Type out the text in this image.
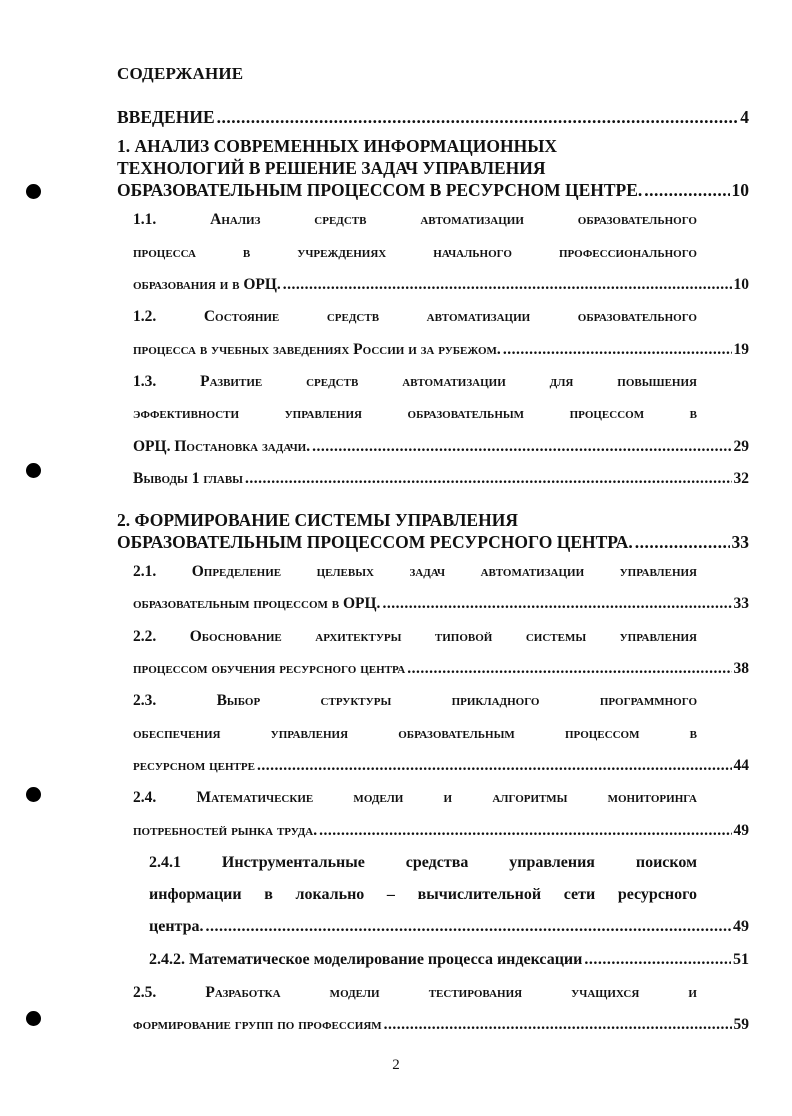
СОДЕРЖАНИЕ
ВВЕДЕНИЕ .....	4
1. АНАЛИЗ СОВРЕМЕННЫХ ИНФОРМАЦИОННЫХ
ТЕХНОЛОГИЙ В РЕШЕНИЕ ЗАДАЧ УПРАВЛЕНИЯ
ОБРАЗОВАТЕЛЬНЫМ ПРОЦЕССОМ В РЕСУРСНОМ ЦЕНТРЕ. .....	10
1.1. Анализ средств автоматизации образовательного
процесса в учреждениях начального профессионального
образования и в ОРЦ. .....	10
1.2. Состояние средств автоматизации образовательного
процесса в учебных заведениях России и за рубежом. .....	19
1.3. Развитие средств автоматизации для повышения
эффективности управления образовательным процессом в
ОРЦ. Постановка задачи. .....	29
Выводы 1 главы .....	32
2. ФОРМИРОВАНИЕ СИСТЕМЫ УПРАВЛЕНИЯ
ОБРАЗОВАТЕЛЬНЫМ ПРОЦЕССОМ РЕСУРСНОГО ЦЕНТРА. .....	33
2.1. Определение целевых задач автоматизации управления
образовательным процессом в ОРЦ. .....	33
2.2. Обоснование архитектуры типовой системы управления
процессом обучения ресурсного центра .....	38
2.3. Выбор структуры прикладного программного
обеспечения управления образовательным процессом в
ресурсном центре .....	44
2.4. Математические модели и алгоритмы мониторинга
потребностей рынка труда. .....	49
2.4.1 Инструментальные средства управления поиском
информации в локально – вычислительной сети ресурсного
центра. .....	49
2.4.2. Математическое моделирование процесса индексации .....	51
2.5. Разработка модели тестирования учащихся и
формирование групп по профессиям .....	59
2
